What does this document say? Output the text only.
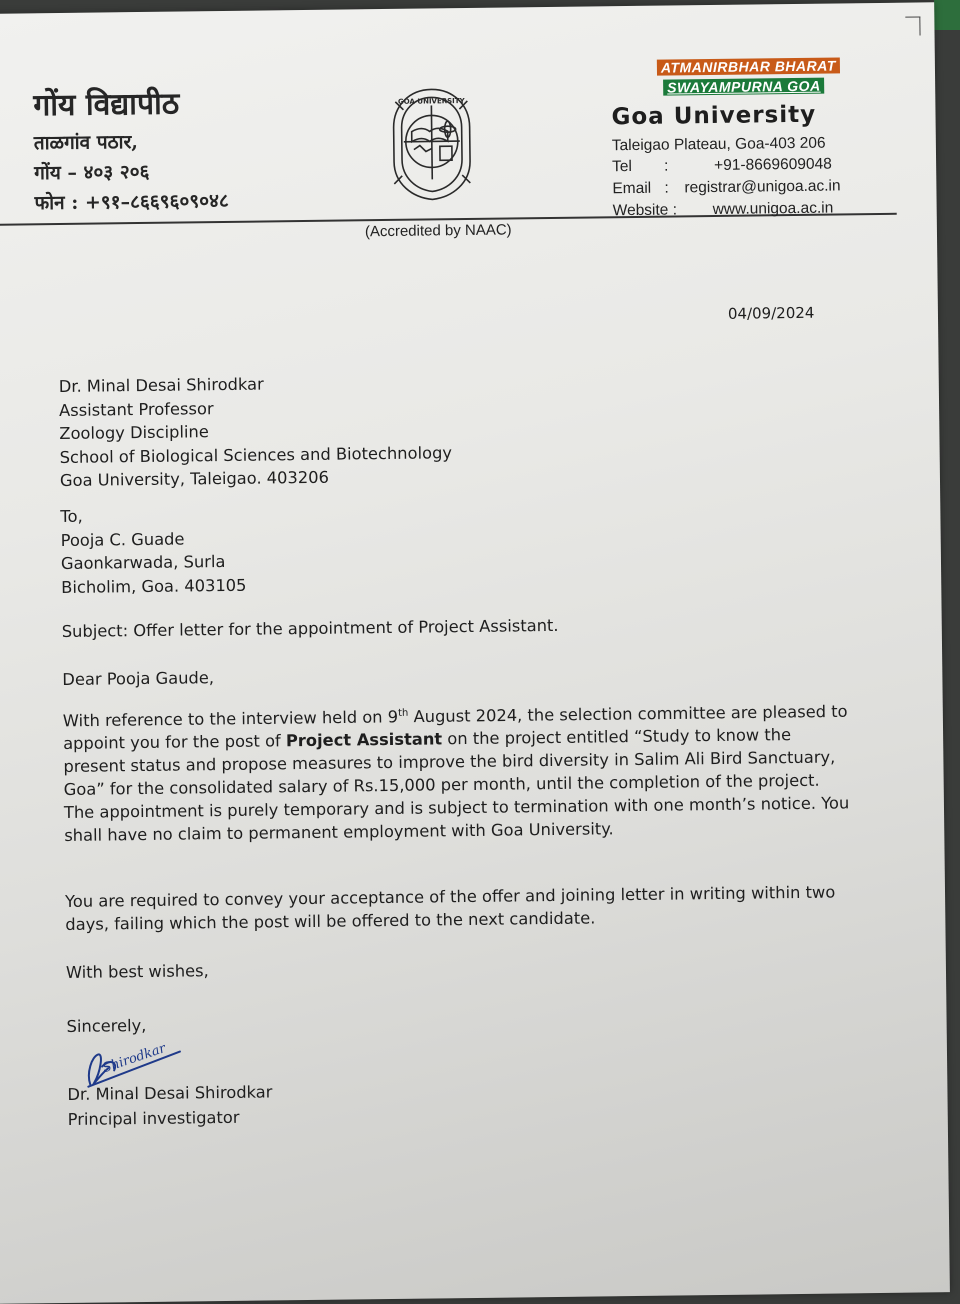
गोंय विद्यापीठ
ताळगांव पठार,
गोंय – ४०३ २०६
फोन : +९१–८६६९६०९०४८
GOA UNIVERSITY
(Accredited by NAAC)
ATMANIRBHAR BHARAT
SWAYAMPURNA GOA
Goa University
Taleigao Plateau, Goa-403 206
Tel :	+91-8669609048
Email : registrar@unigoa.ac.in
Website : www.unigoa.ac.in
04/09/2024
Dr. Minal Desai Shirodkar
Assistant Professor
Zoology Discipline
School of Biological Sciences and Biotechnology
Goa University, Taleigao. 403206
To,
Pooja C. Guade
Gaonkarwada, Surla
Bicholim, Goa. 403105
Subject: Offer letter for the appointment of Project Assistant.
Dear Pooja Gaude,
With reference to the interview held on 9th August 2024, the selection committee are pleased to appoint you for the post of Project Assistant on the project entitled “Study to know the present status and propose measures to improve the bird diversity in Salim Ali Bird Sanctuary, Goa” for the consolidated salary of Rs.15,000 per month, until the completion of the project. The appointment is purely temporary and is subject to termination with one month’s notice. You shall have no claim to permanent employment with Goa University.
You are required to convey your acceptance of the offer and joining letter in writing within two days, failing which the post will be offered to the next candidate.
With best wishes,
Sincerely,
Shirodkar
Dr. Minal Desai Shirodkar
Principal investigator
